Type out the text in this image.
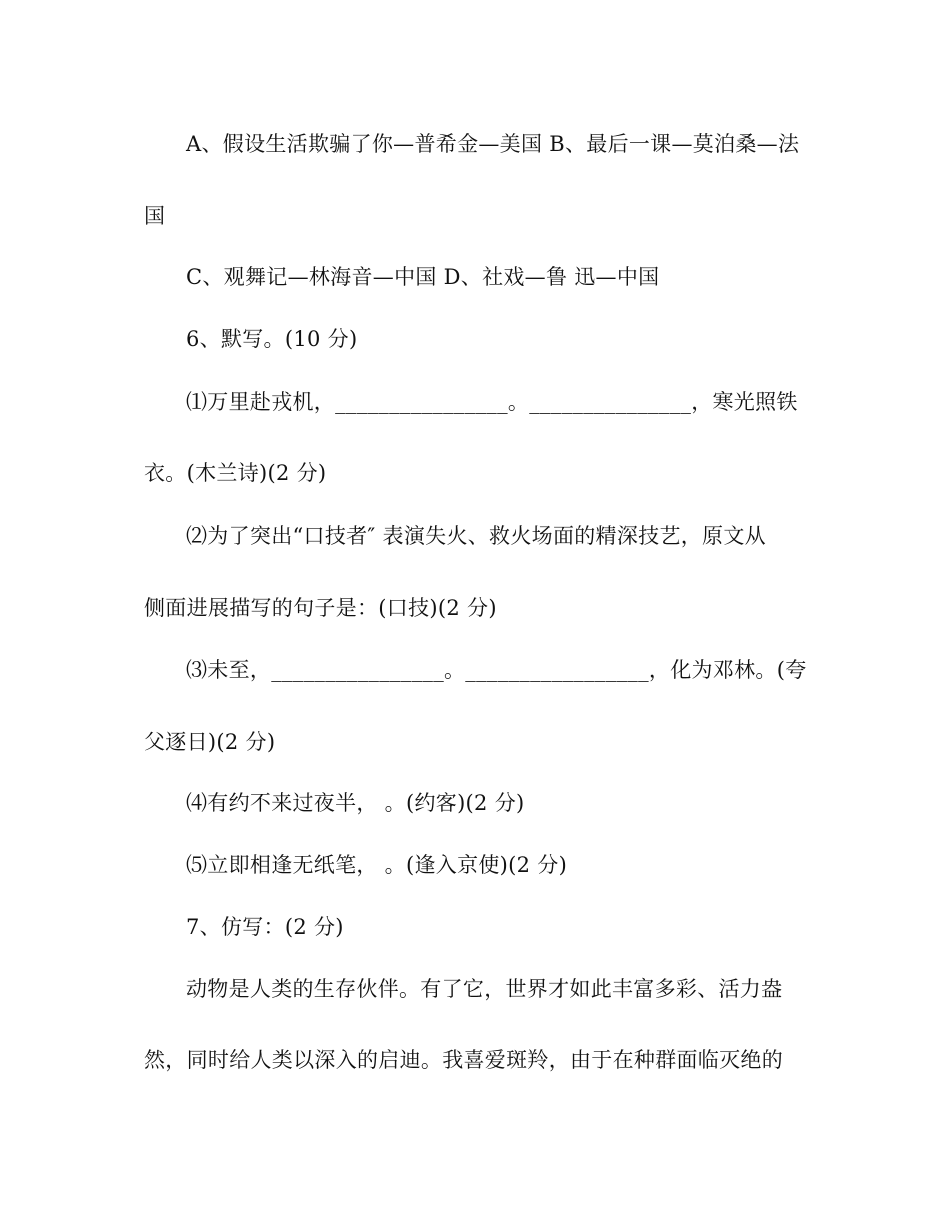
A、假设生活欺骗了你—普希金—美国 B、最后一课—莫泊桑—法
国
C、观舞记—林海音—中国 D、社戏—鲁 迅—中国
6、默写。(10 分)
⑴万里赴戎机，________________。_______________，寒光照铁
衣。(木兰诗)(2 分)
⑵为了突出“口技者″ 表演失火、救火场面的精深技艺，原文从
侧面进展描写的句子是：(口技)(2 分)
⑶未至，________________。_________________，化为邓林。(夸
父逐日)(2 分)
⑷有约不来过夜半， 。(约客)(2 分)
⑸立即相逢无纸笔， 。(逢入京使)(2 分)
7、仿写：(2 分)
动物是人类的生存伙伴。有了它，世界才如此丰富多彩、活力盎
然，同时给人类以深入的启迪。我喜爱斑羚，由于在种群面临灭绝的
